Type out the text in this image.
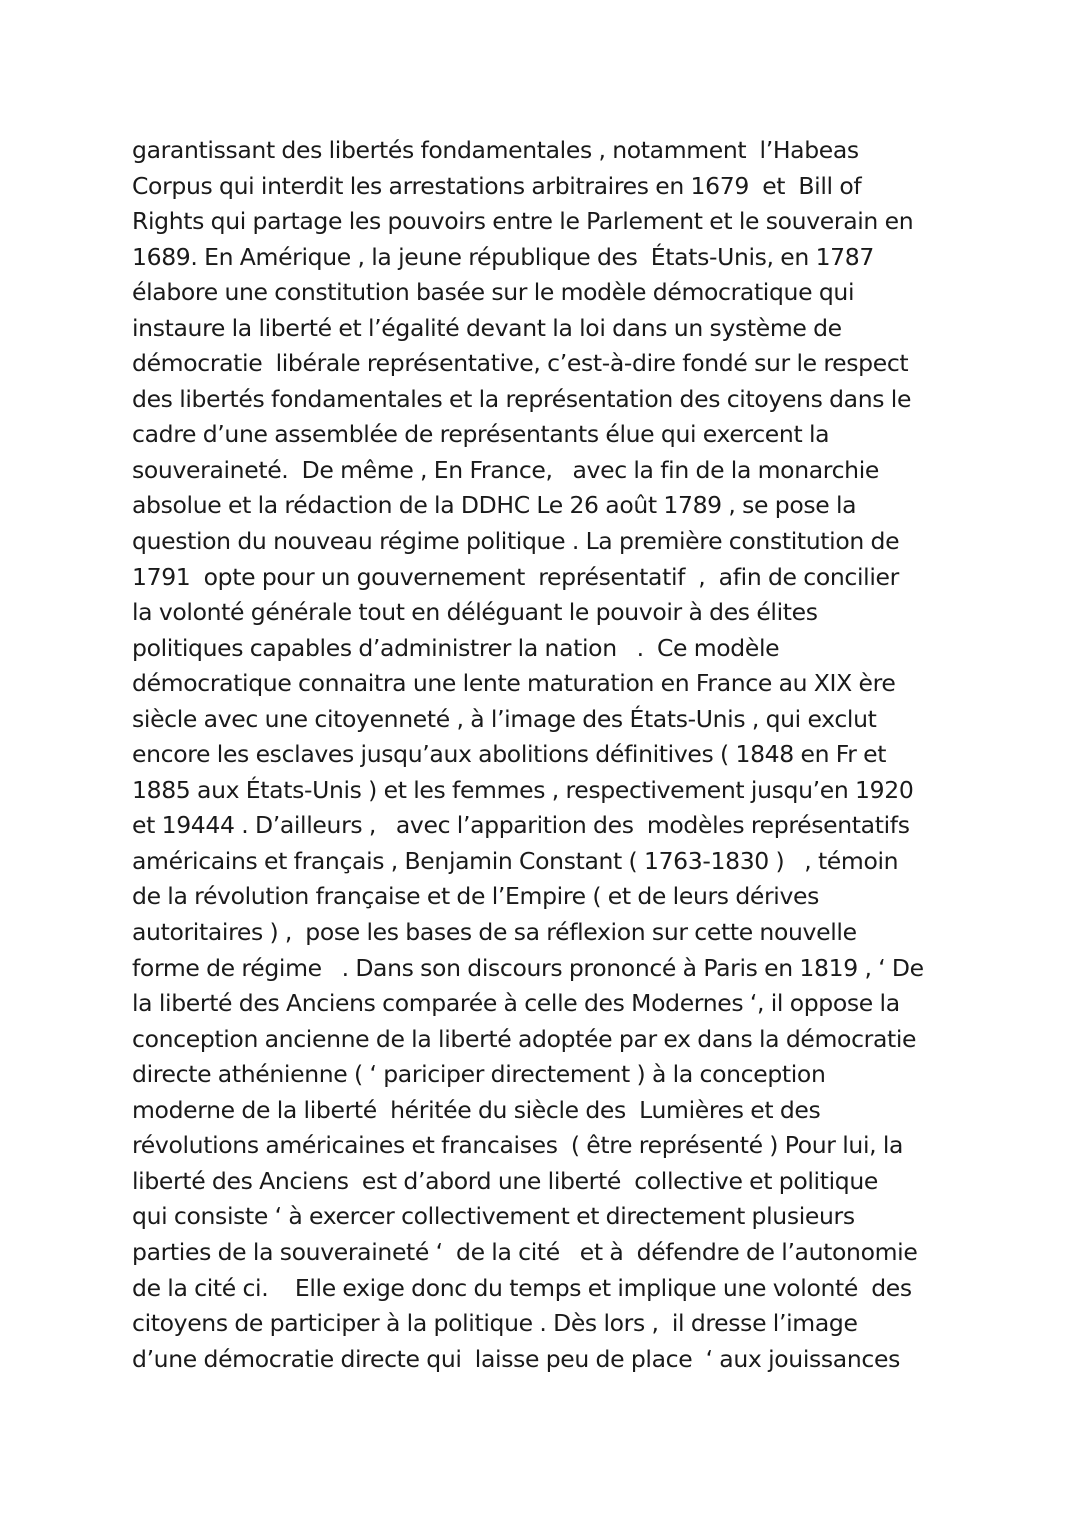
garantissant des libertés fondamentales , notamment  l’Habeas
Corpus qui interdit les arrestations arbitraires en 1679  et  Bill of
Rights qui partage les pouvoirs entre le Parlement et le souverain en
1689. En Amérique , la jeune république des  États-Unis, en 1787
élabore une constitution basée sur le modèle démocratique qui
instaure la liberté et l’égalité devant la loi dans un système de
démocratie  libérale représentative, c’est-à-dire fondé sur le respect
des libertés fondamentales et la représentation des citoyens dans le
cadre d’une assemblée de représentants élue qui exercent la
souveraineté.  De même , En France,   avec la fin de la monarchie
absolue et la rédaction de la DDHC Le 26 août 1789 , se pose la
question du nouveau régime politique . La première constitution de
1791  opte pour un gouvernement  représentatif  ,  afin de concilier
la volonté générale tout en déléguant le pouvoir à des élites
politiques capables d’administrer la nation   .  Ce modèle
démocratique connaitra une lente maturation en France au XIX ère
siècle avec une citoyenneté , à l’image des États-Unis , qui exclut
encore les esclaves jusqu’aux abolitions définitives ( 1848 en Fr et
1885 aux États-Unis ) et les femmes , respectivement jusqu’en 1920
et 19444 . D’ailleurs ,   avec l’apparition des  modèles représentatifs
américains et français , Benjamin Constant ( 1763-1830 )   , témoin
de la révolution française et de l’Empire ( et de leurs dérives
autoritaires ) ,  pose les bases de sa réflexion sur cette nouvelle
forme de régime   . Dans son discours prononcé à Paris en 1819 , ‘ De
la liberté des Anciens comparée à celle des Modernes ‘, il oppose la
conception ancienne de la liberté adoptée par ex dans la démocratie
directe athénienne ( ‘ pariciper directement ) à la conception
moderne de la liberté  héritée du siècle des  Lumières et des
révolutions américaines et francaises  ( être représenté ) Pour lui, la
liberté des Anciens  est d’abord une liberté  collective et politique
qui consiste ‘ à exercer collectivement et directement plusieurs
parties de la souveraineté ‘  de la cité   et à  défendre de l’autonomie
de la cité ci.    Elle exige donc du temps et implique une volonté  des
citoyens de participer à la politique . Dès lors ,  il dresse l’image
d’une démocratie directe qui  laisse peu de place  ‘ aux jouissances
